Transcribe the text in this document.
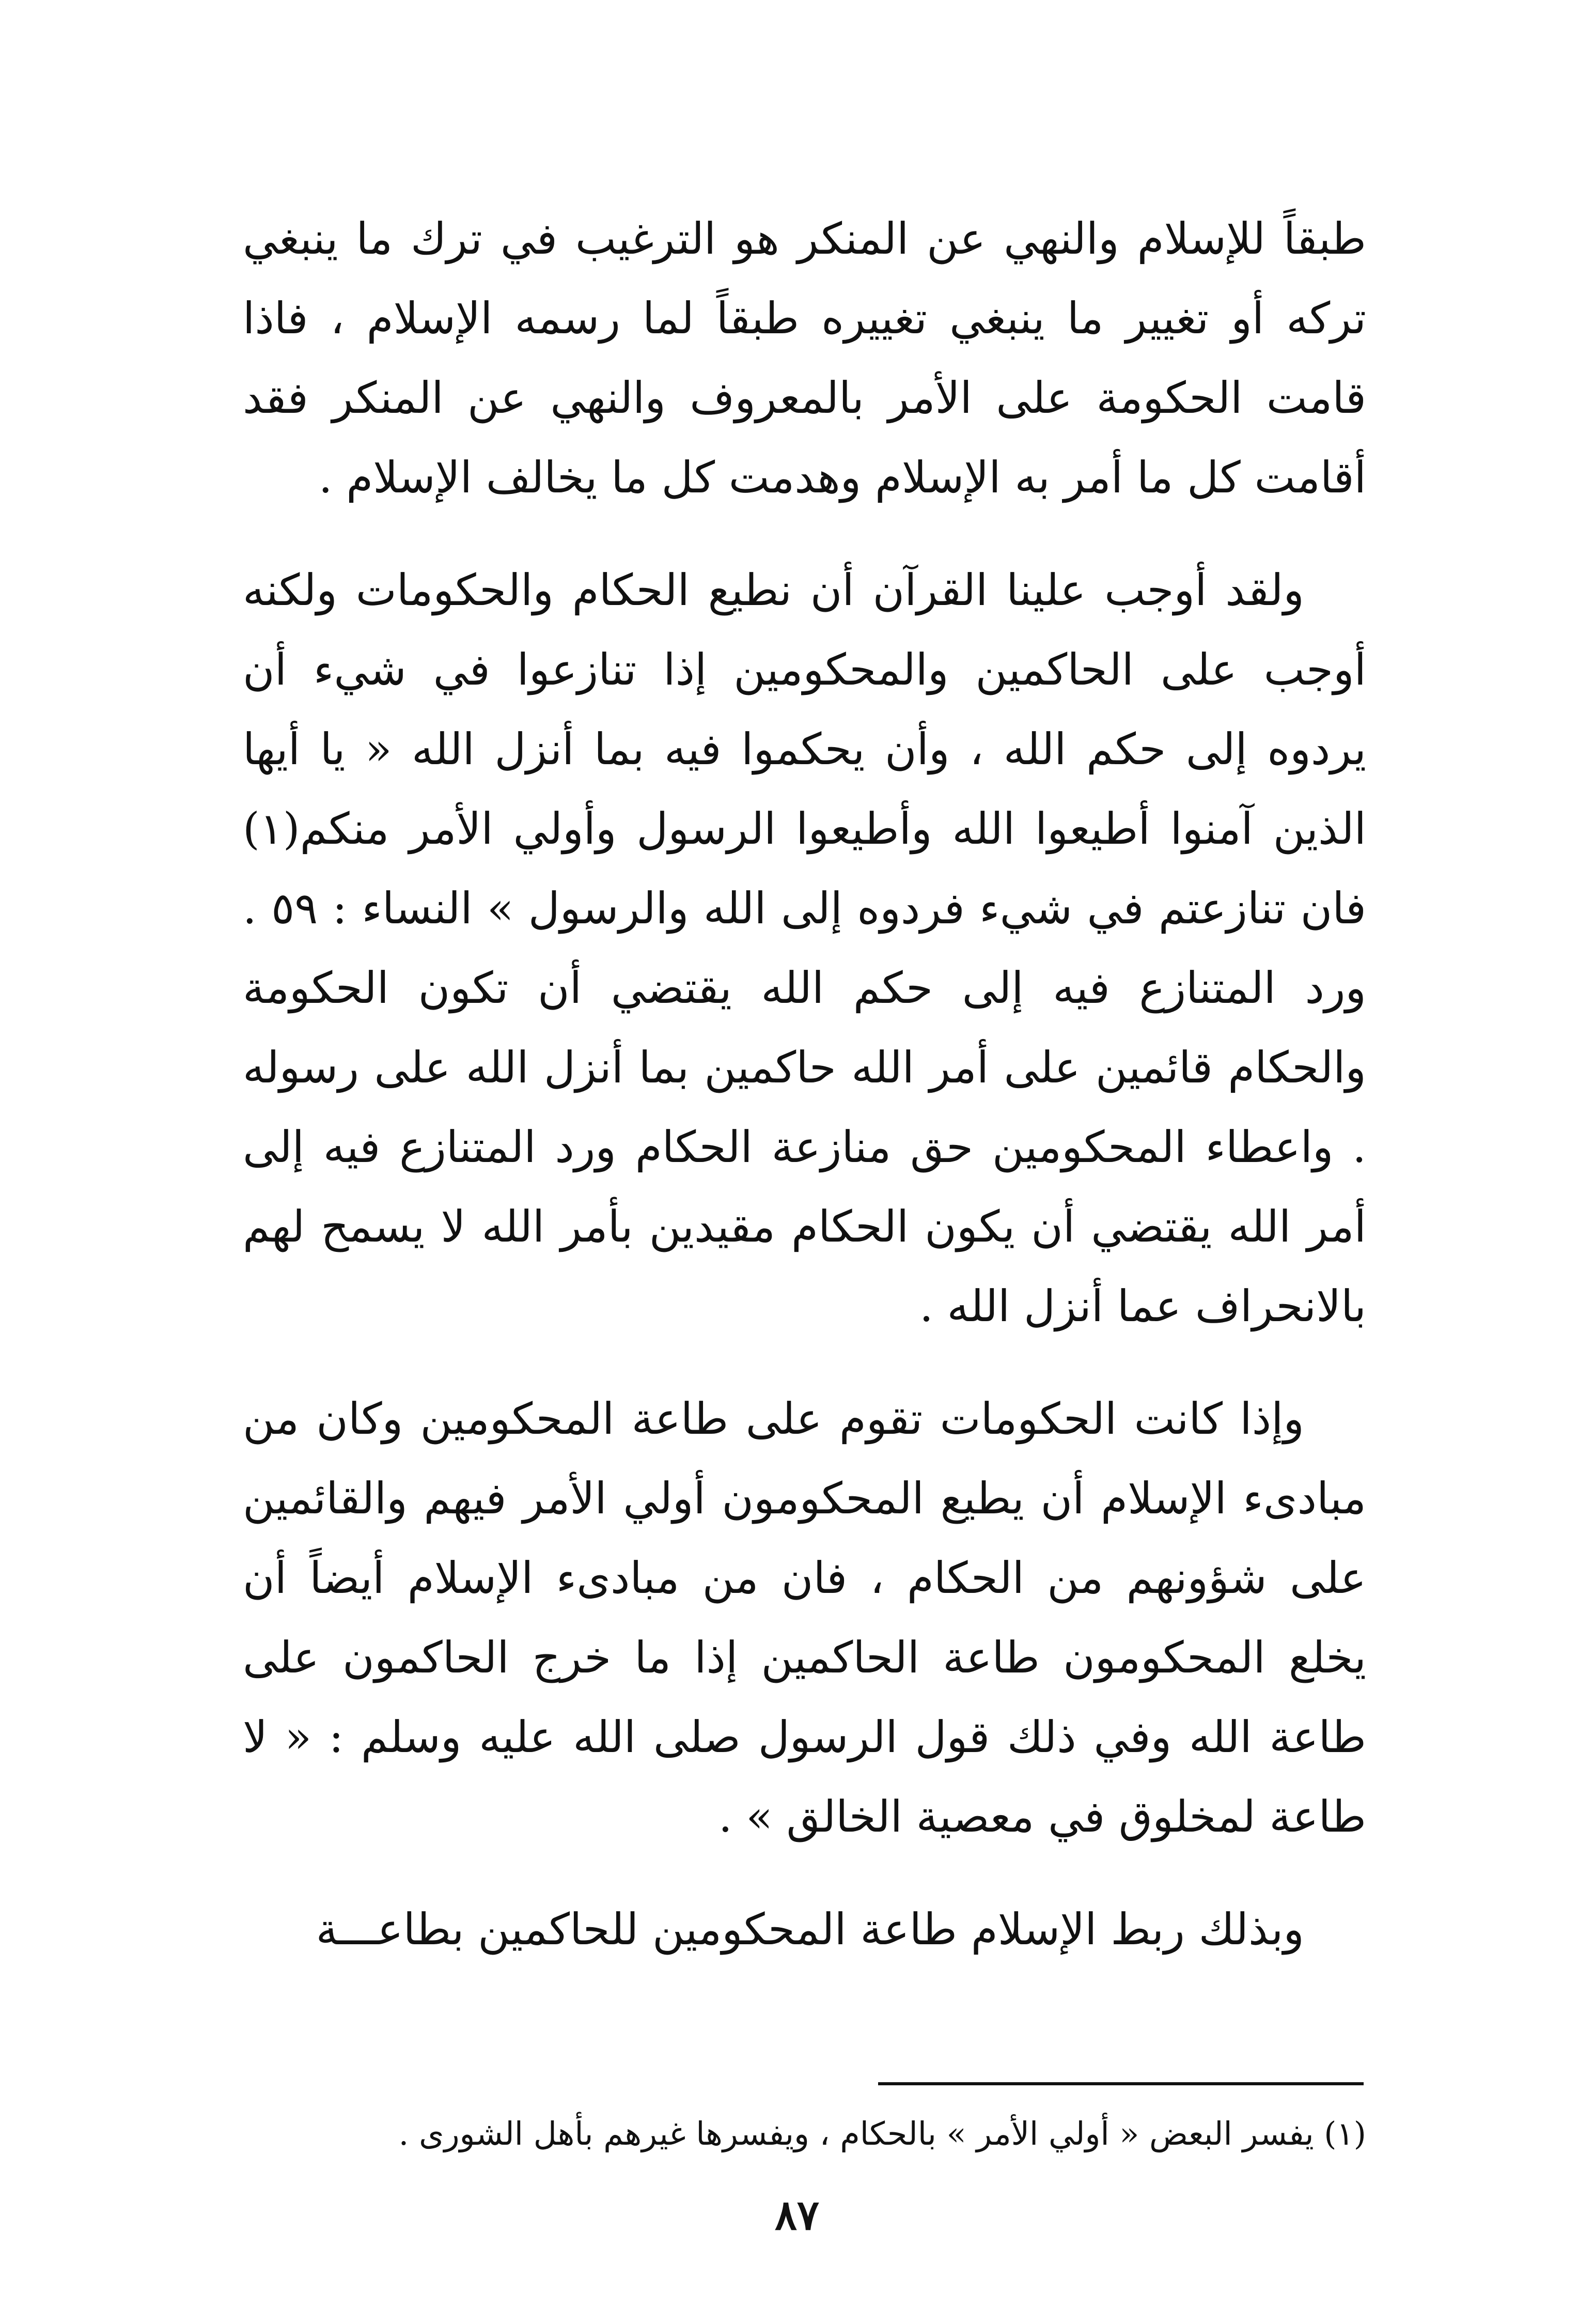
طبقاً للإسلام والنهي عن المنكر هو الترغيب في ترك ما ينبغي تركه أو تغيير ما ينبغي تغييره طبقاً لما رسمه الإسلام ، فاذا قامت الحكومة على الأمر بالمعروف والنهي عن المنكر فقد أقامت كل ما أمر به الإسلام وهدمت كل ما يخالف الإسلام .

ولقد أوجب علينا القرآن أن نطيع الحكام والحكومات ولكنه أوجب على الحاكمين والمحكومين إذا تنازعوا في شيء أن يردوه إلى حكم الله ، وأن يحكموا فيه بما أنزل الله « يا أيها الذين آمنوا أطيعوا الله وأطيعوا الرسول وأولي الأمر منكم(١) فان تنازعتم في شيء فردوه إلى الله والرسول » النساء : ٥٩ . ورد المتنازع فيه إلى حكم الله يقتضي أن تكون الحكومة والحكام قائمين على أمر الله حاكمين بما أنزل الله على رسوله . واعطاء المحكومين حق منازعة الحكام ورد المتنازع فيه إلى أمر الله يقتضي أن يكون الحكام مقيدين بأمر الله لا يسمح لهم بالانحراف عما أنزل الله .

وإذا كانت الحكومات تقوم على طاعة المحكومين وكان من مبادىء الإسلام أن يطيع المحكومون أولي الأمر فيهم والقائمين على شؤونهم من الحكام ، فان من مبادىء الإسلام أيضاً أن يخلع المحكومون طاعة الحاكمين إذا ما خرج الحاكمون على طاعة الله وفي ذلك قول الرسول صلى الله عليه وسلم : « لا طاعة لمخلوق في معصية الخالق » .

وبذلك ربط الإسلام طاعة المحكومين للحاكمين بطاعـــة

(١) يفسر البعض « أولي الأمر » بالحكام ، ويفسرها غيرهم بأهل الشورى .
٨٧
